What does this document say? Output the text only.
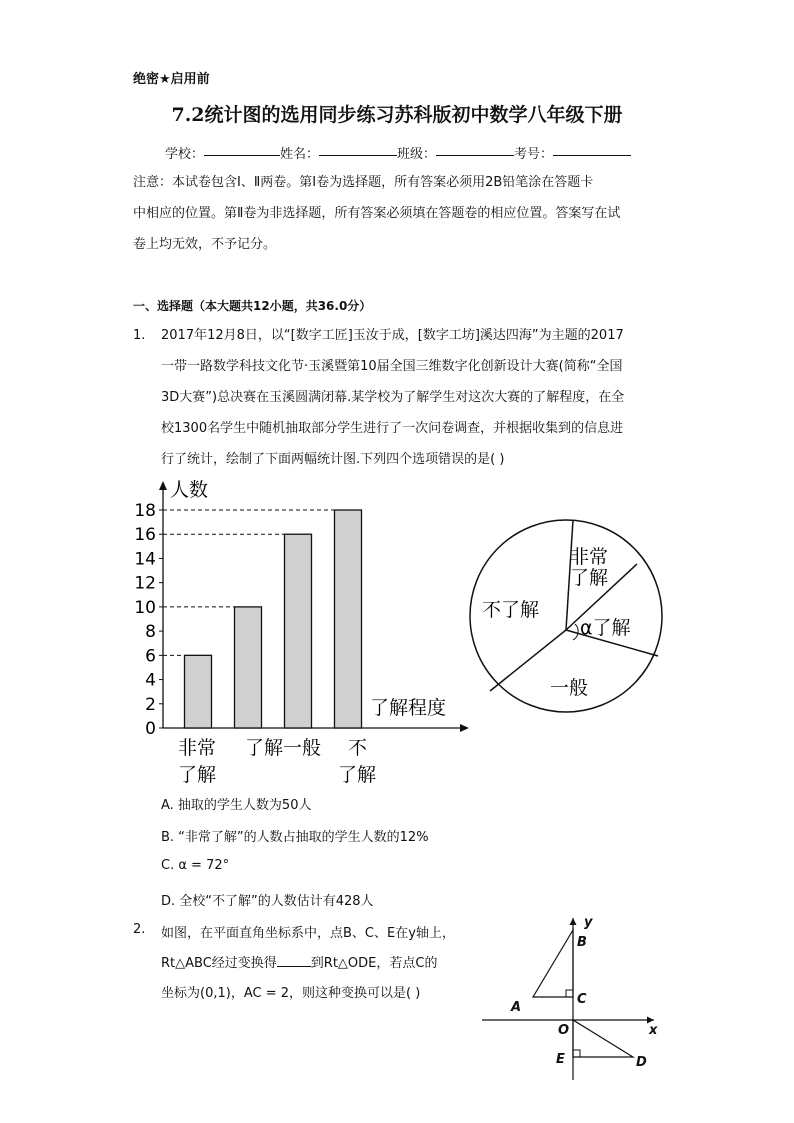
绝密★启用前
7.2统计图的选用同步练习苏科版初中数学八年级下册
学校：	姓名：	班级：	考号：
注意：本试卷包含Ⅰ、Ⅱ两卷。第Ⅰ卷为选择题，所有答案必须用2B铅笔涂在答题卡
中相应的位置。第Ⅱ卷为非选择题，所有答案必须填在答题卷的相应位置。答案写在试
卷上均无效，不予记分。
一、选择题（本大题共12小题，共36.0分）
1. 2017年12月8日，以“[数字工匠]玉汝于成，[数字工坊]溪达四海”为主题的2017
一带一路数学科技文化节·玉溪暨第10届全国三维数字化创新设计大赛(简称“全国
3D大赛”)总决赛在玉溪圆满闭幕.某学校为了解学生对这次大赛的了解程度，在全
校1300名学生中随机抽取部分学生进行了一次问卷调查，并根据收集到的信息进
行了统计，绘制了下面两幅统计图.下列四个选项错误的是( )
人数
了解程度
0
2
4
6
8
10
12
14
16
18
非常
了解
了解 一般 不
了解
非常
了解
α了解
一般
不了解
A. 抽取的学生人数为50人
B. “非常了解”的人数占抽取的学生人数的12%
C. α = 72°
D. 全校“不了解”的人数估计有428人
2. 如图，在平面直角坐标系中，点B、C、E在y轴上，
Rt△ABC经过变换得	到Rt△ODE，若点C的
坐标为(0,1)，AC = 2，则这种变换可以是( )
y
B
C
A
O	x
E	D
